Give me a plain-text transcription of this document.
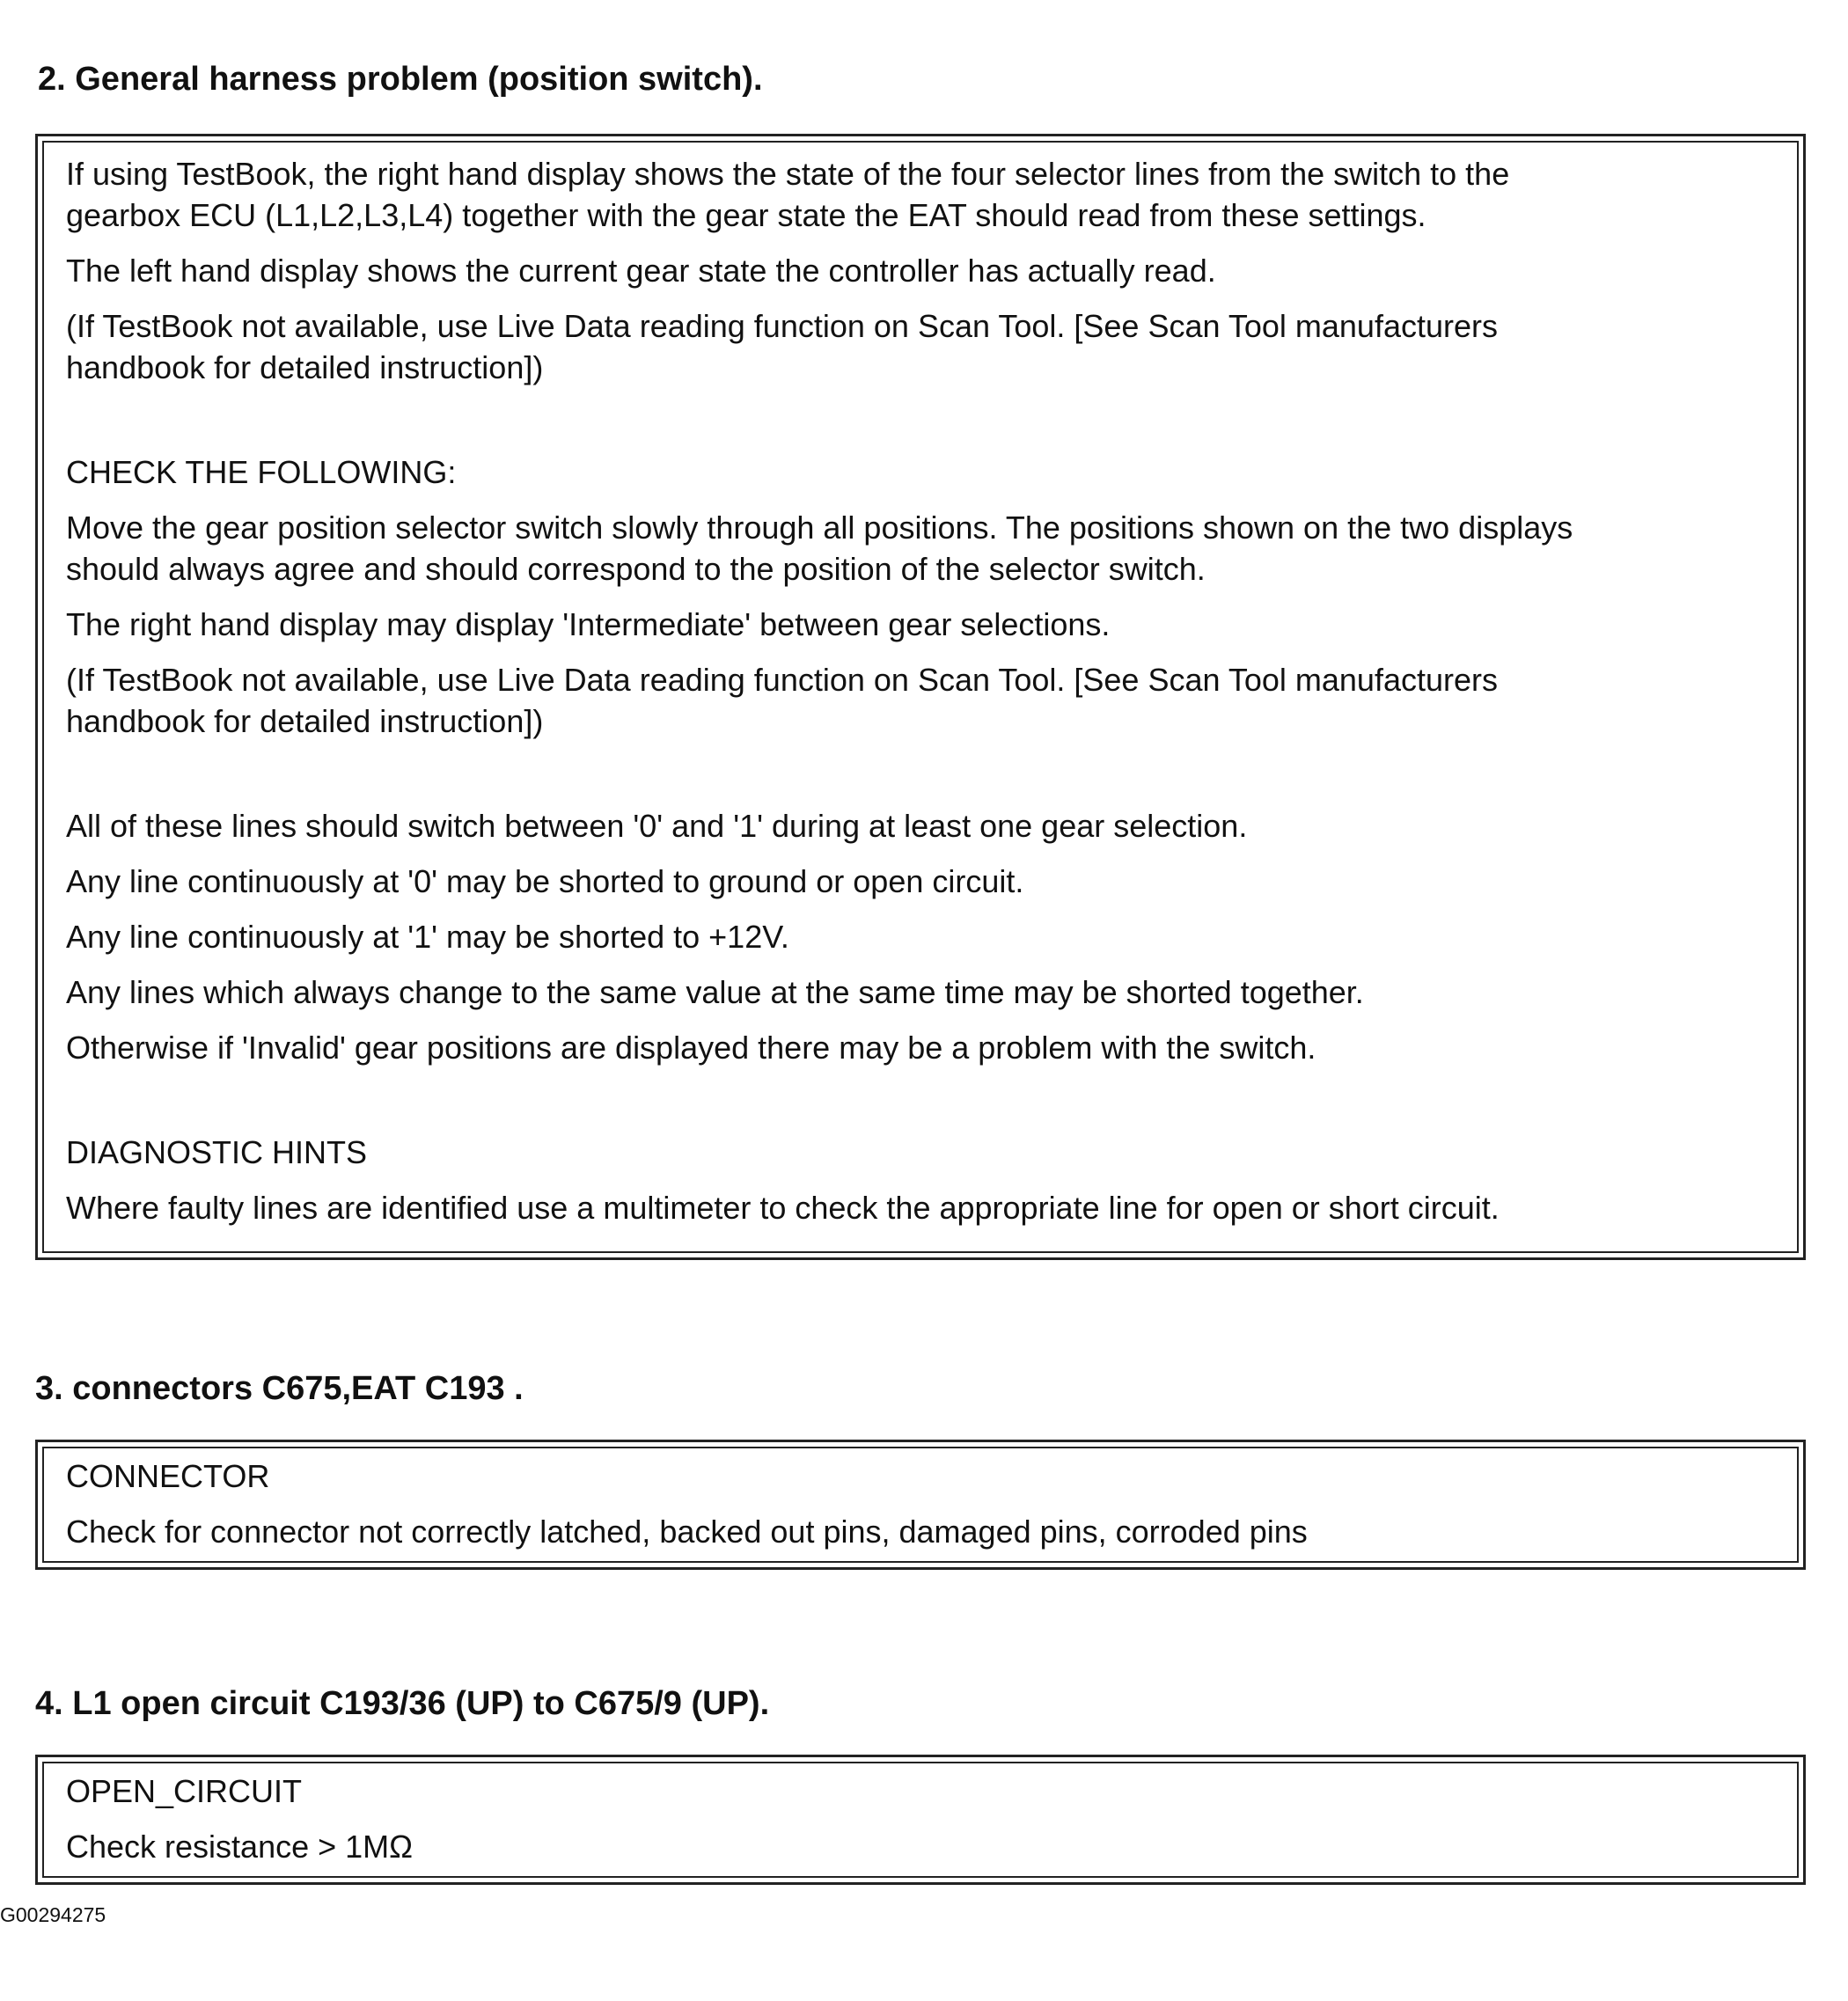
2. General harness problem (position switch).

If using TestBook, the right hand display shows the state of the four selector lines from the switch to the

gearbox ECU (L1,L2,L3,L4) together with the gear state the EAT should read from these settings.

The left hand display shows the current gear state the controller has actually read.

(If TestBook not available, use Live Data reading function on Scan Tool. [See Scan Tool manufacturers

handbook for detailed instruction])

CHECK THE FOLLOWING:

Move the gear position selector switch slowly through all positions. The positions shown on the two displays

should always agree and should correspond to the position of the selector switch.

The right hand display may display 'Intermediate' between gear selections.

(If TestBook not available, use Live Data reading function on Scan Tool. [See Scan Tool manufacturers

handbook for detailed instruction])

All of these lines should switch between '0' and '1' during at least one gear selection.

Any line continuously at '0' may be shorted to ground or open circuit.

Any line continuously at '1' may be shorted to +12V.

Any lines which always change to the same value at the same time may be shorted together.

Otherwise if 'Invalid' gear positions are displayed there may be a problem with the switch.

DIAGNOSTIC HINTS

Where faulty lines are identified use a multimeter to check the appropriate line for open or short circuit.

3. connectors C675,EAT C193 .

CONNECTOR

Check for connector not correctly latched, backed out pins, damaged pins, corroded pins

4. L1 open circuit C193/36 (UP) to C675/9 (UP).

OPEN_CIRCUIT

Check resistance > 1MΩ

G00294275
